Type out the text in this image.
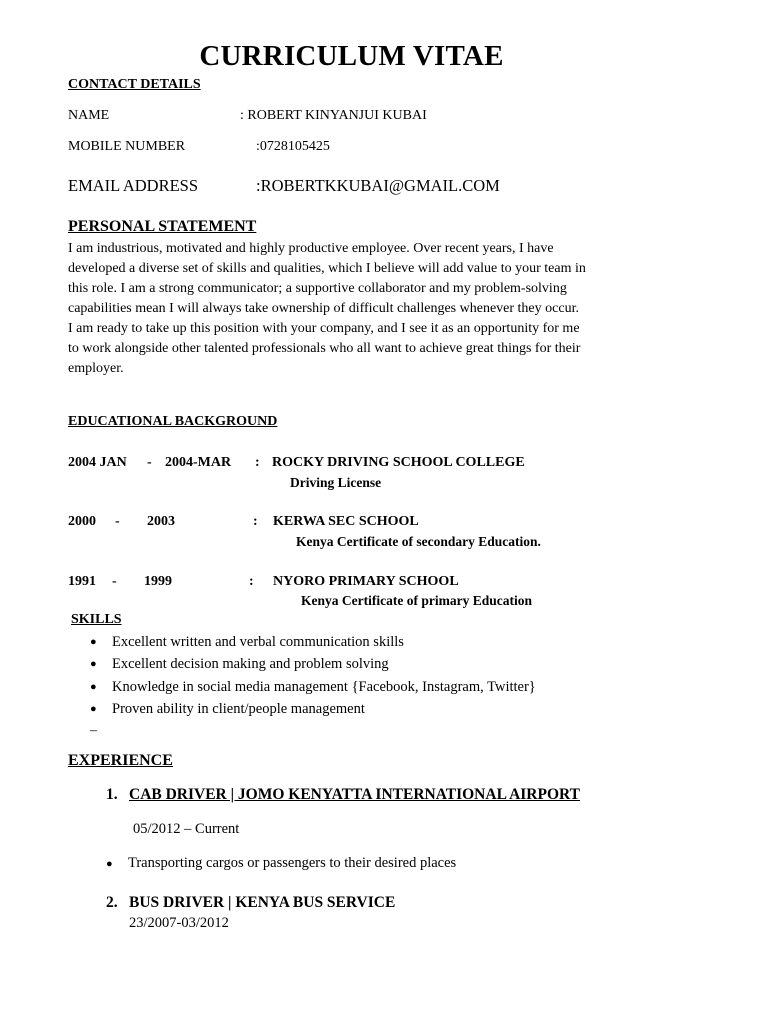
CURRICULUM VITAE
CONTACT DETAILS
NAME	: ROBERT KINYANJUI KUBAI
MOBILE NUMBER	:0728105425
EMAIL ADDRESS	:ROBERTKKUBAI@GMAIL.COM
PERSONAL STATEMENT
I am industrious, motivated and highly productive employee. Over recent years, I have
developed a diverse set of skills and qualities, which I believe will add value to your team in
this role. I am a strong communicator; a supportive collaborator and my problem-solving
capabilities mean I will always take ownership of difficult challenges whenever they occur.
I am ready to take up this position with your company, and I see it as an opportunity for me
to work alongside other talented professionals who all want to achieve great things for their
employer.
EDUCATIONAL BACKGROUND
2004 JAN - 2004-MAR : ROCKY DRIVING SCHOOL COLLEGE
Driving License
2000 - 2003	: KERWA SEC SCHOOL
Kenya Certificate of secondary Education.
1991 - 1999	: NYORO PRIMARY SCHOOL
Kenya Certificate of primary Education
SKILLS
● Excellent written and verbal communication skills
● Excellent decision making and problem solving
● Knowledge in social media management {Facebook, Instagram, Twitter}
● Proven ability in client/people management
–
EXPERIENCE
1. CAB DRIVER | JOMO KENYATTA INTERNATIONAL AIRPORT
05/2012 – Current
● Transporting cargos or passengers to their desired places
2. BUS DRIVER | KENYA BUS SERVICE
23/2007-03/2012
